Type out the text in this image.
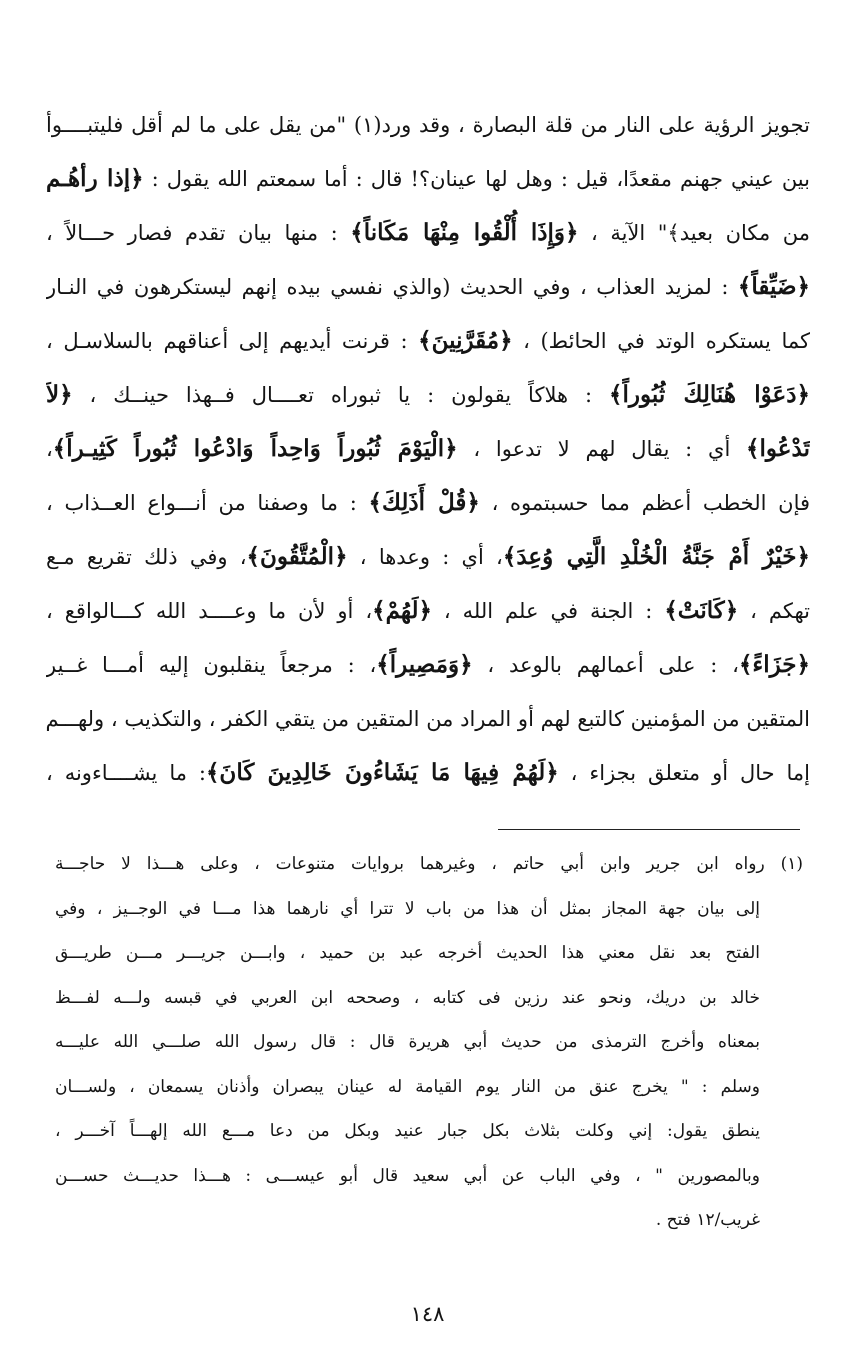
تجويز الرؤية على النار من قلة البصارة ، وقد ورد(١) "من يقل على ما لم أقل فليتبــــوأ
بين عيني جهنم مقعدًا، قيل : وهل لها عينان؟! قال : أما سمعتم الله يقول : ﴿إذا رأهُـم
من مكان بعيد﴾" الآية ، ﴿وَإِذَا أُلْقُوا مِنْهَا مَكَاناً﴾ : منها بيان تقدم فصار حـــالاً ،
﴿ضَيِّقاً﴾ : لمزيد العذاب ، وفي الحديث (والذي نفسي بيده إنهم ليستكرهون في النـار
كما يستكره الوتد في الحائط) ، ﴿مُقَرَّنِينَ﴾ : قرنت أيديهم إلى أعناقهم بالسلاسـل ،
﴿دَعَوْا هُنَالِكَ ثُبُوراً﴾ : هلاكاً يقولون : يا ثبوراه تعــــال فــهذا حينــك ، ﴿لاَ
تَدْعُوا﴾ أي : يقال لهم لا تدعوا ، ﴿الْيَوْمَ ثُبُوراً وَاحِداً وَادْعُوا ثُبُوراً كَثِيـراً﴾،
فإن الخطب أعظم مما حسبتموه ، ﴿قُلْ أَذَلِكَ﴾ : ما وصفنا من أنـــواع العــذاب ،
﴿خَيْرٌ أَمْ جَنَّةُ الْخُلْدِ الَّتِي وُعِدَ﴾، أي : وعدها ، ﴿الْمُتَّقُونَ﴾، وفي ذلك تقريع مـع
تهكم ، ﴿كَانَتْ﴾ : الجنة في علم الله ، ﴿لَهُمْ﴾، أو لأن ما وعــــد الله كـــالواقع ،
﴿جَزَاءً﴾، : على أعمالهم بالوعد ، ﴿وَمَصِيراً﴾، : مرجعاً ينقلبون إليه أمـــا غــير
المتقين من المؤمنين كالتبع لهم أو المراد من المتقين من يتقي الكفر ، والتكذيب ، ولهـــم
إما حال أو متعلق بجزاء ، ﴿لَهُمْ فِيهَا مَا يَشَاءُونَ خَالِدِينَ كَانَ﴾: ما يشــــاءونه ،
(١) رواه ابن جرير وابن أبي حاتم ، وغيرهما بروايات متنوعات ، وعلى هـــذا لا حاجـــة
إلى بيان جهة المجاز بمثل أن هذا من باب لا تترا أي نارهما هذا مـــا في الوجــيز ، وفي
الفتح بعد نقل معني هذا الحديث أخرجه عبد بن حميد ، وابـــن جريـــر مـــن طريـــق
خالد بن دريك، ونحو عند رزين فى كتابه ، وصححه ابن العربي في قبسه ولـــه لفـــظ
بمعناه وأخرج الترمذى من حديث أبي هريرة قال : قال رسول الله صلـــي الله عليـــه
وسلم : " يخرج عنق من النار يوم القيامة له عينان يبصران وأذنان يسمعان ، ولســـان
ينطق يقول: إني وكلت بثلاث بكل جبار عنيد وبكل من دعا مـــع الله إلهـــاً آخـــر ،
وبالمصورين " ، وفي الباب عن أبي سعيد قال أبو عيســـى : هـــذا حديـــث حســـن
غريب/١٢ فتح .
١٤٨
